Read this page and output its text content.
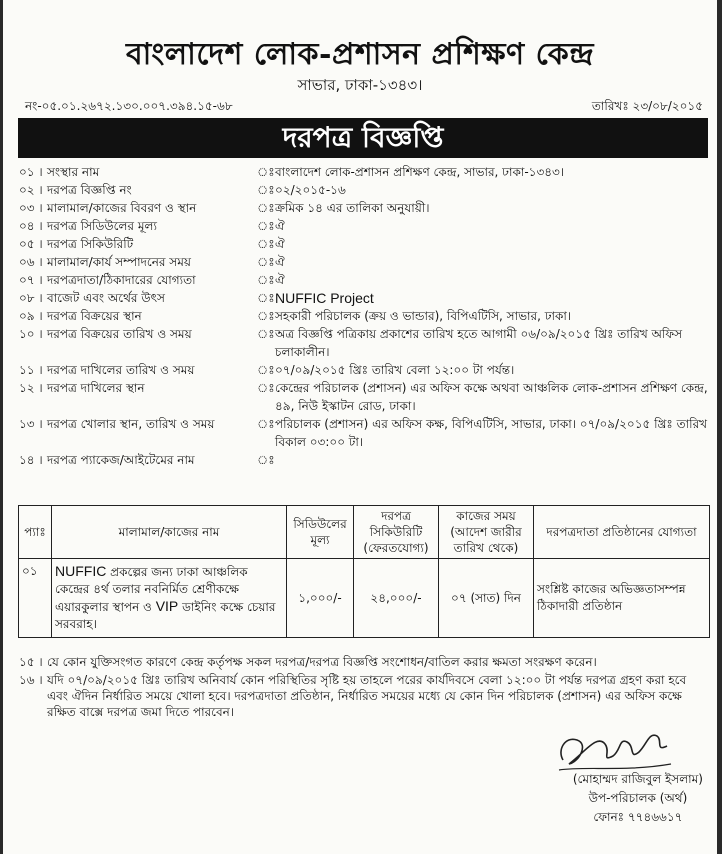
বাংলাদেশ লোক-প্রশাসন প্রশিক্ষণ কেন্দ্র
সাভার, ঢাকা-১৩৪৩।
নং-০৫.০১.২৬৭২.১৩০.০০৭.৩৯৪.১৫-৬৮	তারিখঃ ২৩/০৮/২০১৫
দরপত্র বিজ্ঞপ্তি
০১ । সংস্থার নাম	ঃ বাংলাদেশ লোক-প্রশাসন প্রশিক্ষণ কেন্দ্র, সাভার, ঢাকা-১৩৪৩।
০২ । দরপত্র বিজ্ঞপ্তি নং	ঃ ০২/২০১৫-১৬
০৩ । মালামাল/কাজের বিবরণ ও স্থান	ঃ ক্রমিক ১৪ এর তালিকা অনুযায়ী।
০৪ । দরপত্র সিডিউলের মূল্য	ঃ ঐ
০৫ । দরপত্র সিকিউরিটি	ঃ ঐ
০৬ । মালামাল/কার্য সম্পাদনের সময়	ঃ ঐ
০৭ । দরপত্রদাতা/ঠিকাদারের যোগ্যতা	ঃ ঐ
০৮ । বাজেট এবং অর্থের উৎস	ঃ NUFFIC Project
০৯ । দরপত্র বিক্রয়ের স্থান	ঃ সহকারী পরিচালক (ক্রয় ও ভান্ডার), বিপিএটিসি, সাভার, ঢাকা।
১০ । দরপত্র বিক্রয়ের তারিখ ও সময়	ঃ অত্র বিজ্ঞপ্তি পত্রিকায় প্রকাশের তারিখ হতে আগামী ০৬/০৯/২০১৫ খ্রিঃ তারিখ অফিস চলাকালীন।
১১ । দরপত্র দাখিলের তারিখ ও সময়	ঃ ০৭/০৯/২০১৫ খ্রিঃ তারিখ বেলা ১২:০০ টা পর্যন্ত।
১২ । দরপত্র দাখিলের স্থান	ঃ কেন্দ্রের পরিচালক (প্রশাসন) এর অফিস কক্ষে অথবা আঞ্চলিক লোক-প্রশাসন প্রশিক্ষণ কেন্দ্র, ৪৯, নিউ ইস্কাটন রোড, ঢাকা।
১৩ । দরপত্র খোলার স্থান, তারিখ ও সময়	ঃ পরিচালক (প্রশাসন) এর অফিস কক্ষ, বিপিএটিসি, সাভার, ঢাকা। ০৭/০৯/২০১৫ খ্রিঃ তারিখ বিকাল ০৩:০০ টা।
১৪ । দরপত্র প্যাকেজ/আইটেমের নাম	ঃ
প্যাঃ	মালামাল/কাজের নাম	সিডিউলের মূল্য	দরপত্র সিকিউরিটি (ফেরতযোগ্য)	কাজের সময় (আদেশ জারীর তারিখ থেকে)	দরপত্রদাতা প্রতিষ্ঠানের যোগ্যতা
০১	NUFFIC প্রকল্পের জন্য ঢাকা আঞ্চলিক কেন্দ্রের ৪র্থ তলার নবনির্মিত শ্রেণীকক্ষে এয়ারকুলার স্থাপন ও VIP ডাইনিং কক্ষে চেয়ার সরবরাহ।	১,০০০/-	২৪,০০০/-	০৭ (সাত) দিন	সংশ্লিষ্ট কাজের অভিজ্ঞতাসম্পন্ন ঠিকাদারী প্রতিষ্ঠান
১৫ । যে কোন যুক্তিসংগত কারণে কেন্দ্র কর্তৃপক্ষ সকল দরপত্র/দরপত্র বিজ্ঞপ্তি সংশোধন/বাতিল করার ক্ষমতা সংরক্ষণ করেন।
১৬ । যদি ০৭/০৯/২০১৫ খ্রিঃ তারিখ অনিবার্য কোন পরিস্থিতির সৃষ্টি হয় তাহলে পরের কার্যদিবসে বেলা ১২:০০ টা পর্যন্ত দরপত্র গ্রহণ করা হবে এবং ঐদিন নির্ধারিত সময়ে খোলা হবে। দরপত্রদাতা প্রতিষ্ঠান, নির্ধারিত সময়ের মধ্যে যে কোন দিন পরিচালক (প্রশাসন) এর অফিস কক্ষে রক্ষিত বাক্সে দরপত্র জমা দিতে পারবেন।
(মোহাম্মদ রাজিবুল ইসলাম)
উপ-পরিচালক (অর্থ)
ফোনঃ ৭৭৪৬৬১৭
